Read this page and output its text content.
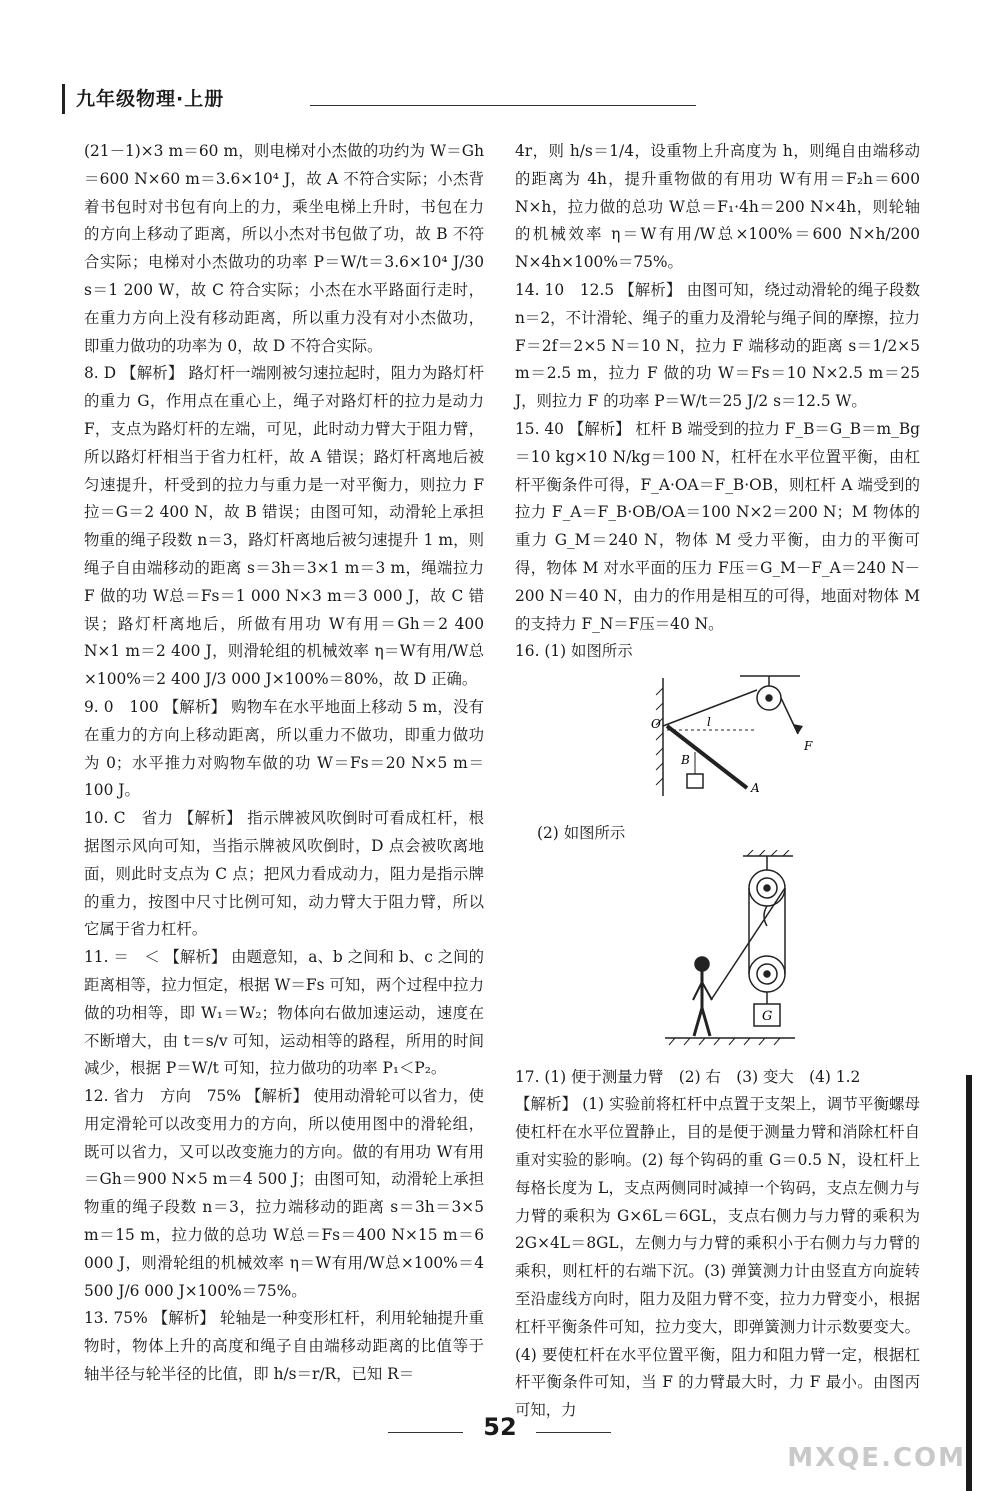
九年级物理·上册

(21－1)×3 m＝60 m，则电梯对小杰做的功约为 W＝Gh＝600 N×60 m＝3.6×10⁴ J，故 A 不符合实际；小杰背着书包时对书包有向上的力，乘坐电梯上升时，书包在力的方向上移动了距离，所以小杰对书包做了功，故 B 不符合实际；电梯对小杰做功的功率 P＝W/t＝3.6×10⁴ J/30 s＝1 200 W，故 C 符合实际；小杰在水平路面行走时，在重力方向上没有移动距离，所以重力没有对小杰做功，即重力做功的功率为 0，故 D 不符合实际。

8. D 【解析】 路灯杆一端刚被匀速拉起时，阻力为路灯杆的重力 G，作用点在重心上，绳子对路灯杆的拉力是动力 F，支点为路灯杆的左端，可见，此时动力臂大于阻力臂，所以路灯杆相当于省力杠杆，故 A 错误；路灯杆离地后被匀速提升，杆受到的拉力与重力是一对平衡力，则拉力 F拉＝G＝2 400 N，故 B 错误；由图可知，动滑轮上承担物重的绳子段数 n＝3，路灯杆离地后被匀速提升 1 m，则绳子自由端移动的距离 s＝3h＝3×1 m＝3 m，绳端拉力 F 做的功 W总＝Fs＝1 000 N×3 m＝3 000 J，故 C 错误；路灯杆离地后，所做有用功 W有用＝Gh＝2 400 N×1 m＝2 400 J，则滑轮组的机械效率 η＝W有用/W总×100%＝2 400 J/3 000 J×100%＝80%，故 D 正确。

9. 0　100 【解析】 购物车在水平地面上移动 5 m，没有在重力的方向上移动距离，所以重力不做功，即重力做功为 0；水平推力对购物车做的功 W＝Fs＝20 N×5 m＝100 J。

10. C　省力 【解析】 指示牌被风吹倒时可看成杠杆，根据图示风向可知，当指示牌被风吹倒时，D 点会被吹离地面，则此时支点为 C 点；把风力看成动力，阻力是指示牌的重力，按图中尺寸比例可知，动力臂大于阻力臂，所以它属于省力杠杆。

11. ＝　＜ 【解析】 由题意知，a、b 之间和 b、c 之间的距离相等，拉力恒定，根据 W＝Fs 可知，两个过程中拉力做的功相等，即 W₁＝W₂；物体向右做加速运动，速度在不断增大，由 t＝s/v 可知，运动相等的路程，所用的时间减少，根据 P＝W/t 可知，拉力做功的功率 P₁＜P₂。

12. 省力　方向　75% 【解析】 使用动滑轮可以省力，使用定滑轮可以改变用力的方向，所以使用图中的滑轮组，既可以省力，又可以改变施力的方向。做的有用功 W有用＝Gh＝900 N×5 m＝4 500 J；由图可知，动滑轮上承担物重的绳子段数 n＝3，拉力端移动的距离 s＝3h＝3×5 m＝15 m，拉力做的总功 W总＝Fs＝400 N×15 m＝6 000 J，则滑轮组的机械效率 η＝W有用/W总×100%＝4 500 J/6 000 J×100%＝75%。

13. 75% 【解析】 轮轴是一种变形杠杆，利用轮轴提升重物时，物体上升的高度和绳子自由端移动距离的比值等于轴半径与轮半径的比值，即 h/s＝r/R，已知 R＝

4r，则 h/s＝1/4，设重物上升高度为 h，则绳自由端移动的距离为 4h，提升重物做的有用功 W有用＝F₂h＝600 N×h，拉力做的总功 W总＝F₁·4h＝200 N×4h，则轮轴的机械效率 η＝W有用/W总×100%＝600 N×h/200 N×4h×100%＝75%。

14. 10　12.5 【解析】 由图可知，绕过动滑轮的绳子段数 n＝2，不计滑轮、绳子的重力及滑轮与绳子间的摩擦，拉力 F＝2f＝2×5 N＝10 N，拉力 F 端移动的距离 s＝1/2×5 m＝2.5 m，拉力 F 做的功 W＝Fs＝10 N×2.5 m＝25 J，则拉力 F 的功率 P＝W/t＝25 J/2 s＝12.5 W。

15. 40 【解析】 杠杆 B 端受到的拉力 F_B＝G_B＝m_Bg＝10 kg×10 N/kg＝100 N，杠杆在水平位置平衡，由杠杆平衡条件可得，F_A·OA＝F_B·OB，则杠杆 A 端受到的拉力 F_A＝F_B·OB/OA＝100 N×2＝200 N；M 物体的重力 G_M＝240 N，物体 M 受力平衡，由力的平衡可得，物体 M 对水平面的压力 F压＝G_M－F_A＝240 N－200 N＝40 N，由力的作用是相互的可得，地面对物体 M 的支持力 F_N＝F压＝40 N。

16. (1) 如图所示

O	l
F
B
A

(2) 如图所示

G

17. (1) 便于测量力臂　(2) 右　(3) 变大　(4) 1.2

【解析】 (1) 实验前将杠杆中点置于支架上，调节平衡螺母使杠杆在水平位置静止，目的是便于测量力臂和消除杠杆自重对实验的影响。(2) 每个钩码的重 G＝0.5 N，设杠杆上每格长度为 L，支点两侧同时减掉一个钩码，支点左侧力与力臂的乘积为 G×6L＝6GL，支点右侧力与力臂的乘积为 2G×4L＝8GL，左侧力与力臂的乘积小于右侧力与力臂的乘积，则杠杆的右端下沉。(3) 弹簧测力计由竖直方向旋转至沿虚线方向时，阻力及阻力臂不变，拉力力臂变小，根据杠杆平衡条件可知，拉力变大，即弹簧测力计示数要变大。(4) 要使杠杆在水平位置平衡，阻力和阻力臂一定，根据杠杆平衡条件可知，当 F 的力臂最大时，力 F 最小。由图丙可知，力

52
MXQE.COM
